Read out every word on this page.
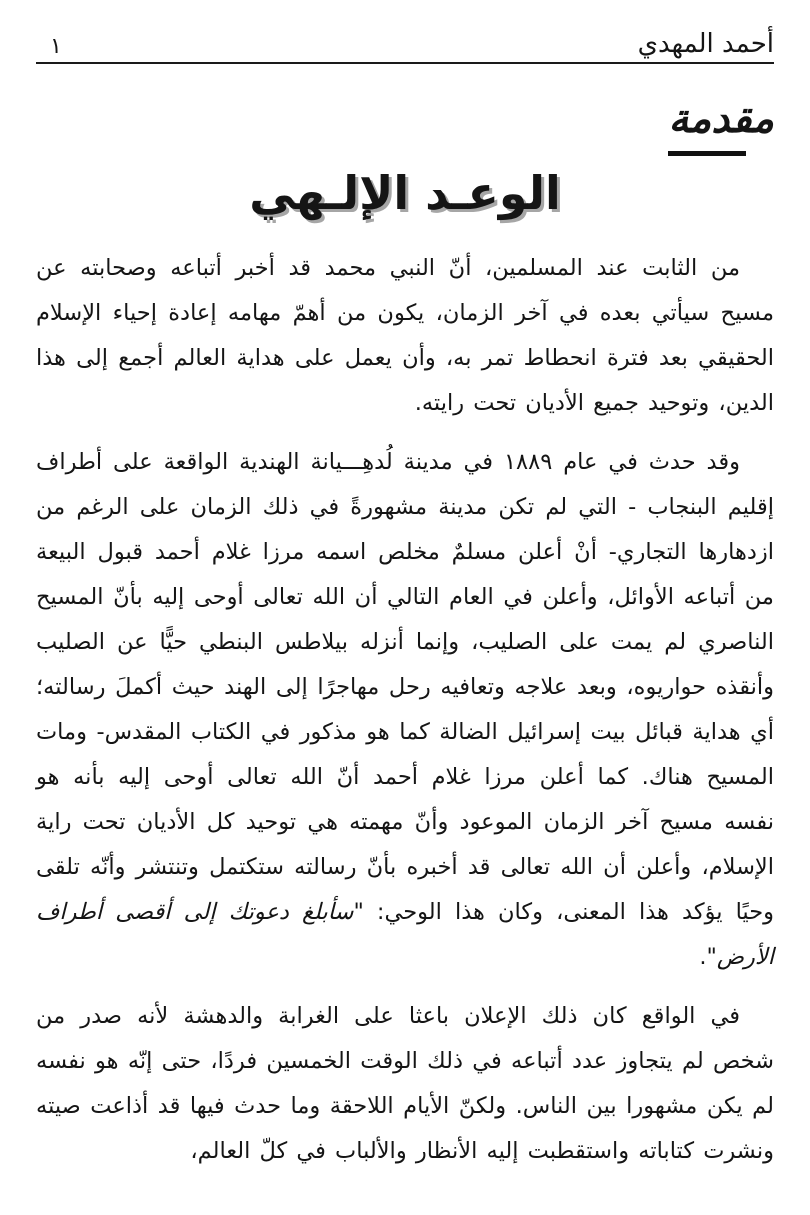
أحمد المهدي
١
مقدمة
الوعـد الإلـهي

من الثابت عند المسلمين، أنّ النبي محمد قد أخبر أتباعه وصحابته عن مسيح سيأتي بعده في آخر الزمان، يكون من أهمّ مهامه إعادة إحياء الإسلام الحقيقي بعد فترة انحطاط تمر به، وأن يعمل على هداية العالم أجمع إلى هذا الدين، وتوحيد جميع الأديان تحت رايته.

وقد حدث في عام ١٨٨٩ في مدينة لُدهِـــيانة الهندية الواقعة على أطراف إقليم البنجاب - التي لم تكن مدينة مشهورةً في ذلك الزمان على الرغم من ازدهارها التجاري- أنْ أعلن مسلمٌ مخلص اسمه مرزا غلام أحمد قبول البيعة من أتباعه الأوائل، وأعلن في العام التالي أن الله تعالى أوحى إليه بأنّ المسيح الناصري لم يمت على الصليب، وإنما أنزله بيلاطس البنطي حيًّا عن الصليب وأنقذه حواريوه، وبعد علاجه وتعافيه رحل مهاجرًا إلى الهند حيث أكملَ رسالته؛ أي هداية قبائل بيت إسرائيل الضالة كما هو مذكور في الكتاب المقدس- ومات المسيح هناك. كما أعلن مرزا غلام أحمد أنّ الله تعالى أوحى إليه بأنه هو نفسه مسيح آخر الزمان الموعود وأنّ مهمته هي توحيد كل الأديان تحت راية الإسلام، وأعلن أن الله تعالى قد أخبره بأنّ رسالته ستكتمل وتنتشر وأنّه تلقى وحيًا يؤكد هذا المعنى، وكان هذا الوحي: "سأبلغ دعوتك إلى أقصى أطراف الأرض".

في الواقع كان ذلك الإعلان باعثا على الغرابة والدهشة لأنه صدر من شخص لم يتجاوز عدد أتباعه في ذلك الوقت الخمسين فردًا، حتى إنّه هو نفسه لم يكن مشهورا بين الناس. ولكنّ الأيام اللاحقة وما حدث فيها قد أذاعت صيته ونشرت كتاباته واستقطبت إليه الأنظار والألباب في كلّ العالم،
